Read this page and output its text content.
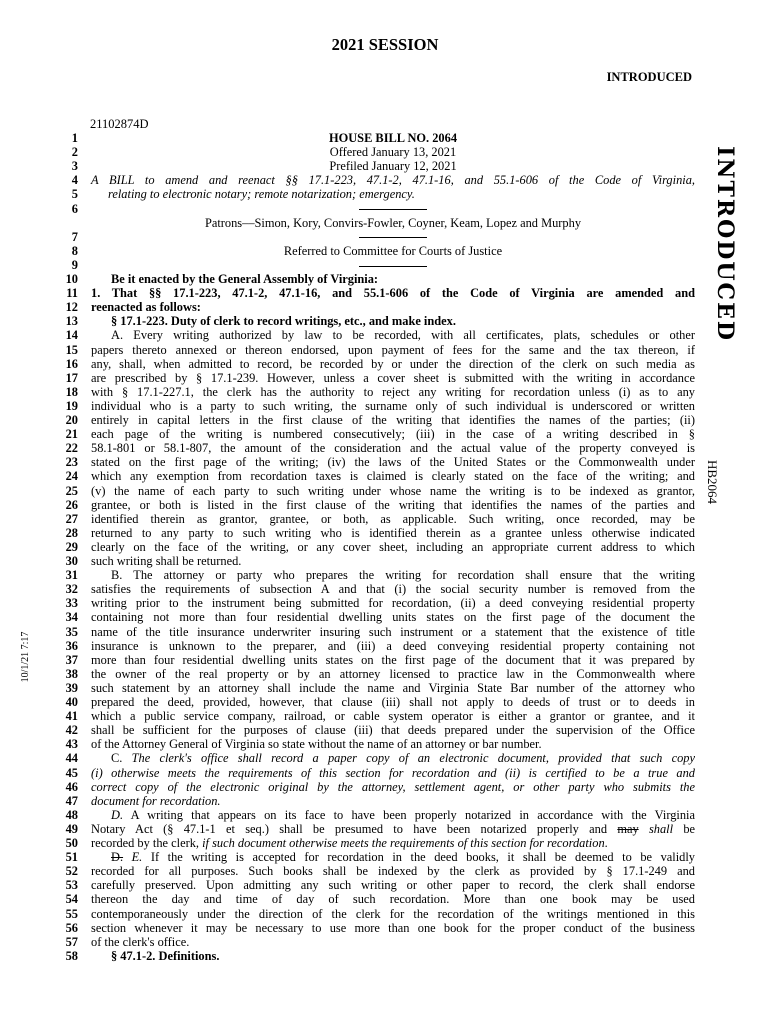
2021 SESSION
INTRODUCED
21102874D
INTRODUCED
HB2064
10/1/21 7:17
1	HOUSE BILL NO. 2064
2	Offered January 13, 2021
3	Prefiled January 12, 2021
4 A BILL to amend and reenact §§ 17.1-223, 47.1-2, 47.1-16, and 55.1-606 of the Code of Virginia,
5	relating to electronic notary; remote notarization; emergency.
6
Patrons––Simon, Kory, Convirs-Fowler, Coyner, Keam, Lopez and Murphy
7
8	Referred to Committee for Courts of Justice
9
10	Be it enacted by the General Assembly of Virginia:
11 1. That §§ 17.1-223, 47.1-2, 47.1-16, and 55.1-606 of the Code of Virginia are amended and
12 reenacted as follows:
13	§ 17.1-223. Duty of clerk to record writings, etc., and make index.
14	A. Every writing authorized by law to be recorded, with all certificates, plats, schedules or other
15 papers thereto annexed or thereon endorsed, upon payment of fees for the same and the tax thereon, if
16 any, shall, when admitted to record, be recorded by or under the direction of the clerk on such media as
17 are prescribed by § 17.1-239. However, unless a cover sheet is submitted with the writing in accordance
18 with § 17.1-227.1, the clerk has the authority to reject any writing for recordation unless (i) as to any
19 individual who is a party to such writing, the surname only of such individual is underscored or written
20 entirely in capital letters in the first clause of the writing that identifies the names of the parties; (ii)
21 each page of the writing is numbered consecutively; (iii) in the case of a writing described in §
22 58.1-801 or 58.1-807, the amount of the consideration and the actual value of the property conveyed is
23 stated on the first page of the writing; (iv) the laws of the United States or the Commonwealth under
24 which any exemption from recordation taxes is claimed is clearly stated on the face of the writing; and
25 (v) the name of each party to such writing under whose name the writing is to be indexed as grantor,
26 grantee, or both is listed in the first clause of the writing that identifies the names of the parties and
27 identified therein as grantor, grantee, or both, as applicable. Such writing, once recorded, may be
28 returned to any party to such writing who is identified therein as a grantee unless otherwise indicated
29 clearly on the face of the writing, or any cover sheet, including an appropriate current address to which
30 such writing shall be returned.
31	B. The attorney or party who prepares the writing for recordation shall ensure that the writing
32 satisfies the requirements of subsection A and that (i) the social security number is removed from the
33 writing prior to the instrument being submitted for recordation, (ii) a deed conveying residential property
34 containing not more than four residential dwelling units states on the first page of the document the
35 name of the title insurance underwriter insuring such instrument or a statement that the existence of title
36 insurance is unknown to the preparer, and (iii) a deed conveying residential property containing not
37 more than four residential dwelling units states on the first page of the document that it was prepared by
38 the owner of the real property or by an attorney licensed to practice law in the Commonwealth where
39 such statement by an attorney shall include the name and Virginia State Bar number of the attorney who
40 prepared the deed, provided, however, that clause (iii) shall not apply to deeds of trust or to deeds in
41 which a public service company, railroad, or cable system operator is either a grantor or grantee, and it
42 shall be sufficient for the purposes of clause (iii) that deeds prepared under the supervision of the Office
43 of the Attorney General of Virginia so state without the name of an attorney or bar number.
44	C. The clerk's office shall record a paper copy of an electronic document, provided that such copy
45 (i) otherwise meets the requirements of this section for recordation and (ii) is certified to be a true and
46 correct copy of the electronic original by the attorney, settlement agent, or other party who submits the
47 document for recordation.
48	D. A writing that appears on its face to have been properly notarized in accordance with the Virginia
49 Notary Act (§ 47.1-1 et seq.) shall be presumed to have been notarized properly and may shall be
50 recorded by the clerk, if such document otherwise meets the requirements of this section for recordation.
51	D. E. If the writing is accepted for recordation in the deed books, it shall be deemed to be validly
52 recorded for all purposes. Such books shall be indexed by the clerk as provided by § 17.1-249 and
53 carefully preserved. Upon admitting any such writing or other paper to record, the clerk shall endorse
54 thereon the day and time of day of such recordation. More than one book may be used
55 contemporaneously under the direction of the clerk for the recordation of the writings mentioned in this
56 section whenever it may be necessary to use more than one book for the proper conduct of the business
57 of the clerk's office.
58	§ 47.1-2. Definitions.
